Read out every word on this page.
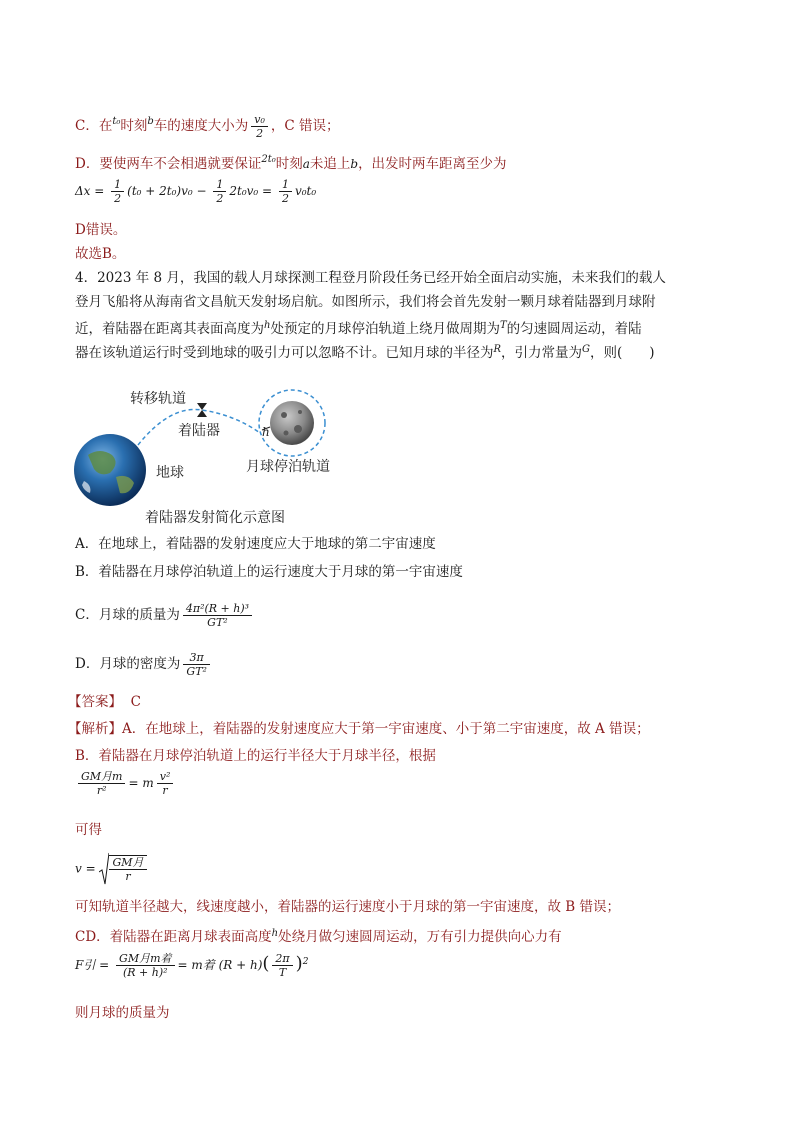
C．在$^{t_0}$时刻$^b$车的速度大小为 $\frac{\text{v₀}}{2}$ ，C 错误；
D．要使两车不会相遇就要保证$^{2t_0}$时刻a未追上b，出发时两车距离至少为
$\Delta x = \frac{1}{2} (t_0 + 2t_0)v_0 - \frac{1}{2} 2t_0v_0 = \frac{1}{2} v_0t_0$
D错误。
故选B。
4．2023 年 8 月，我国的载人月球探测工程登月阶段任务已经开始全面启动实施，未来我们的载人
登月飞船将从海南省文昌航天发射场启航。如图所示，我们将会首先发射一颗月球着陆器到月球附
近，着陆器在距离其表面高度为$^h$处预定的月球停泊轨道上绕月做周期为$^T$的匀速圆周运动，着陆
器在该轨道运行时受到地球的吸引力可以忽略不计。已知月球的半径为$^R$，引力常量为$^G$，则(　　)
转移轨道
着陆器	h
地球	月球停泊轨道
着陆器发射简化示意图
A．在地球上，着陆器的发射速度应大于地球的第二宇宙速度
B．着陆器在月球停泊轨道上的运行速度大于月球的第一宇宙速度
C．月球的质量为 $\frac{\text{4π²(R + h)³}}{\text{GT²}}$
D．月球的密度为 $\frac{3\pi}{\text{GT²}}$
【答案】 C
【解析】A．在地球上，着陆器的发射速度应大于第一宇宙速度、小于第二宇宙速度，故 A 错误；
B．着陆器在月球停泊轨道上的运行半径大于月球半径，根据
$\frac{\text{GM月m}}{\text{r²}} = m \frac{\text{v²}}{r}$
可得
$v = \frac{\text{GM月}}{r}$
可知轨道半径越大，线速度越小，着陆器的运行速度小于月球的第一宇宙速度，故 B 错误；
CD．着陆器在距离月球表面高度$^h$处绕月做匀速圆周运动，万有引力提供向心力有
F引 = $\frac{\text{GM月m着}}{\text{(R + h)²}} = m$着 $(R + h)( \frac{2\pi}{T} )^2$
则月球的质量为
